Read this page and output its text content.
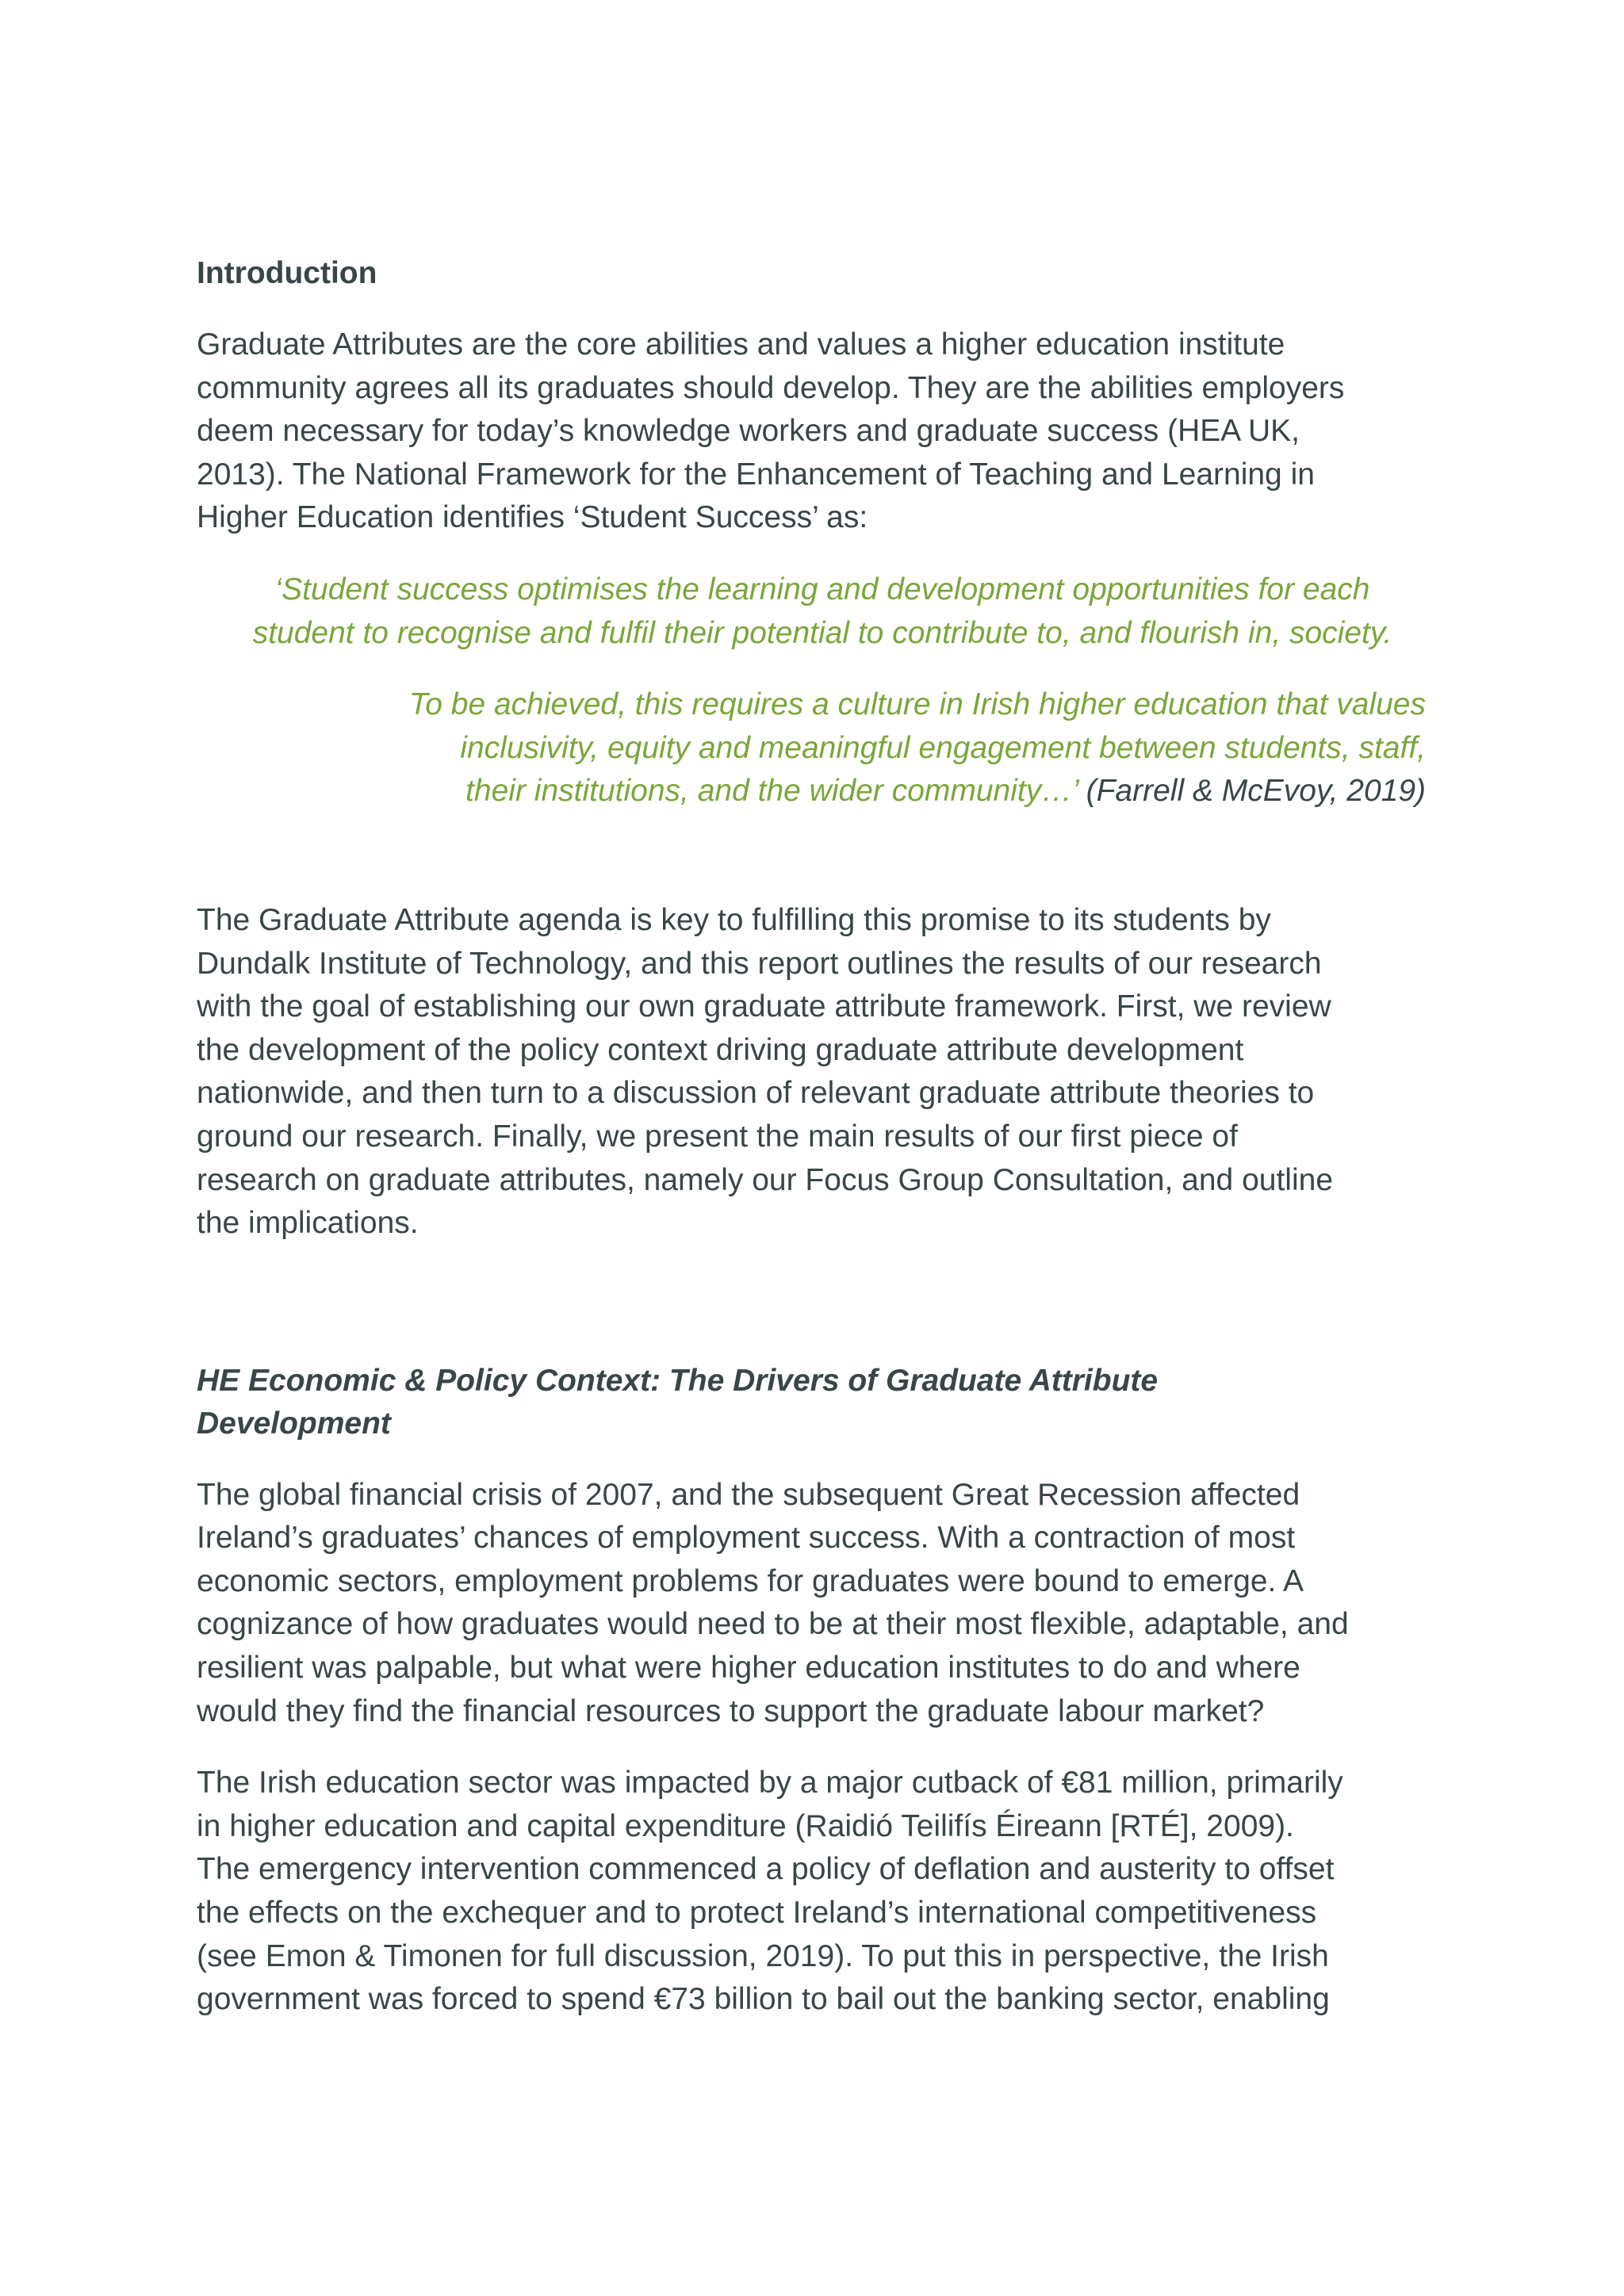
Introduction

Graduate Attributes are the core abilities and values a higher education institute
community agrees all its graduates should develop. They are the abilities employers
deem necessary for today’s knowledge workers and graduate success (HEA UK,
2013). The National Framework for the Enhancement of Teaching and Learning in
Higher Education identifies ‘Student Success’ as:

‘Student success optimises the learning and development opportunities for each
student to recognise and fulfil their potential to contribute to, and flourish in, society.

To be achieved, this requires a culture in Irish higher education that values
inclusivity, equity and meaningful engagement between students, staff,
their institutions, and the wider community…’ (Farrell & McEvoy, 2019)

The Graduate Attribute agenda is key to fulfilling this promise to its students by
Dundalk Institute of Technology, and this report outlines the results of our research
with the goal of establishing our own graduate attribute framework. First, we review
the development of the policy context driving graduate attribute development
nationwide, and then turn to a discussion of relevant graduate attribute theories to
ground our research. Finally, we present the main results of our first piece of
research on graduate attributes, namely our Focus Group Consultation, and outline
the implications.

HE Economic & Policy Context: The Drivers of Graduate Attribute
Development

The global financial crisis of 2007, and the subsequent Great Recession affected
Ireland’s graduates’ chances of employment success. With a contraction of most
economic sectors, employment problems for graduates were bound to emerge. A
cognizance of how graduates would need to be at their most flexible, adaptable, and
resilient was palpable, but what were higher education institutes to do and where
would they find the financial resources to support the graduate labour market?

The Irish education sector was impacted by a major cutback of €81 million, primarily
in higher education and capital expenditure (Raidió Teilifís Éireann [RTÉ], 2009).
The emergency intervention commenced a policy of deflation and austerity to offset
the effects on the exchequer and to protect Ireland’s international competitiveness
(see Emon & Timonen for full discussion, 2019). To put this in perspective, the Irish
government was forced to spend €73 billion to bail out the banking sector, enabling
